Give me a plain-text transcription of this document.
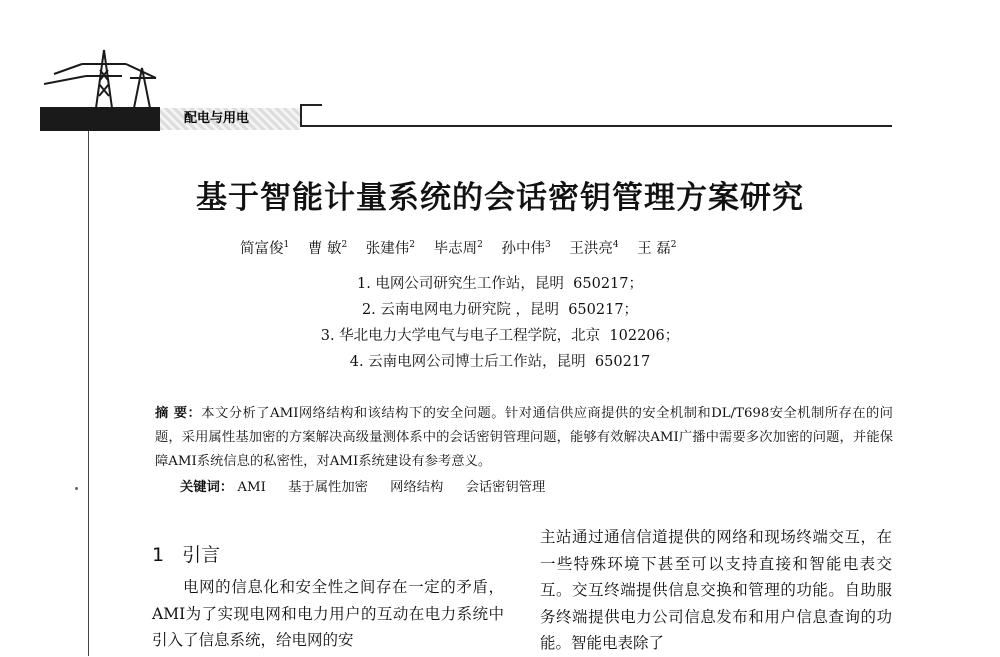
配电与用电
基于智能计量系统的会话密钥管理方案研究
简富俊$^1$ 曹 敏$^2$ 张建伟$^2$ 毕志周$^2$ 孙中伟$^3$ 王洪亮$^4$ 王 磊$^2$
1. 电网公司研究生工作站，昆明  650217；
2. 云南电网电力研究院 ，昆明  650217；
3. 华北电力大学电气与电子工程学院，北京  102206；
4. 云南电网公司博士后工作站，昆明  650217
摘 要：本文分析了AMI网络结构和该结构下的安全问题。针对通信供应商提供的安全机制和DL/T698安全机制所存在的问题，采用属性基加密的方案解决高级量测体系中的会话密钥管理问题，能够有效解决AMI广播中需要多次加密的问题，并能保障AMI系统信息的私密性，对AMI系统建设有参考意义。
关键词： AMI 基于属性加密 网络结构 会话密钥管理
1 引言

电网的信息化和安全性之间存在一定的矛盾，AMI为了实现电网和电力用户的互动在电力系统中引入了信息系统，给电网的安

主站通过通信信道提供的网络和现场终端交互，在一些特殊环境下甚至可以支持直接和智能电表交互。交互终端提供信息交换和管理的功能。自助服务终端提供电力公司信息发布和用户信息查询的功能。智能电表除了
